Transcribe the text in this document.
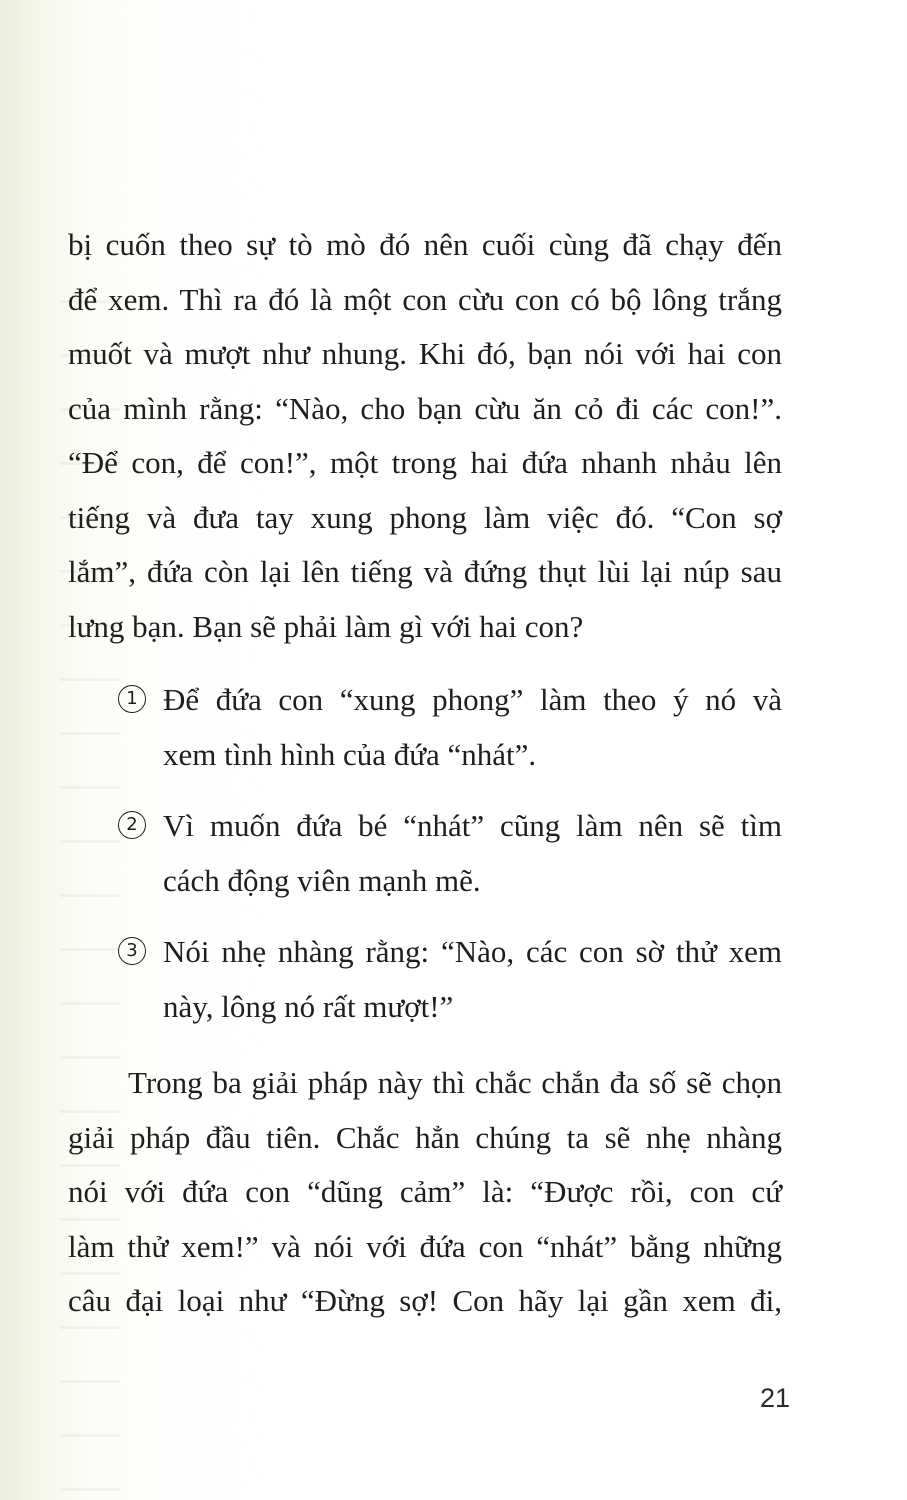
bị cuốn theo sự tò mò đó nên cuối cùng đã chạy đến
để xem. Thì ra đó là một con cừu con có bộ lông trắng
muốt và mượt như nhung. Khi đó, bạn nói với hai con
của mình rằng: “Nào, cho bạn cừu ăn cỏ đi các con!”.
“Để con, để con!”, một trong hai đứa nhanh nhảu lên
tiếng và đưa tay xung phong làm việc đó. “Con sợ
lắm”, đứa còn lại lên tiếng và đứng thụt lùi lại núp sau
lưng bạn. Bạn sẽ phải làm gì với hai con?
1 Để đứa con “xung phong” làm theo ý nó và
xem tình hình của đứa “nhát”.
2 Vì muốn đứa bé “nhát” cũng làm nên sẽ tìm
cách động viên mạnh mẽ.
3 Nói nhẹ nhàng rằng: “Nào, các con sờ thử xem
này, lông nó rất mượt!”
Trong ba giải pháp này thì chắc chắn đa số sẽ chọn
giải pháp đầu tiên. Chắc hẳn chúng ta sẽ nhẹ nhàng
nói với đứa con “dũng cảm” là: “Được rồi, con cứ
làm thử xem!” và nói với đứa con “nhát” bằng những
câu đại loại như “Đừng sợ! Con hãy lại gần xem đi,
21
